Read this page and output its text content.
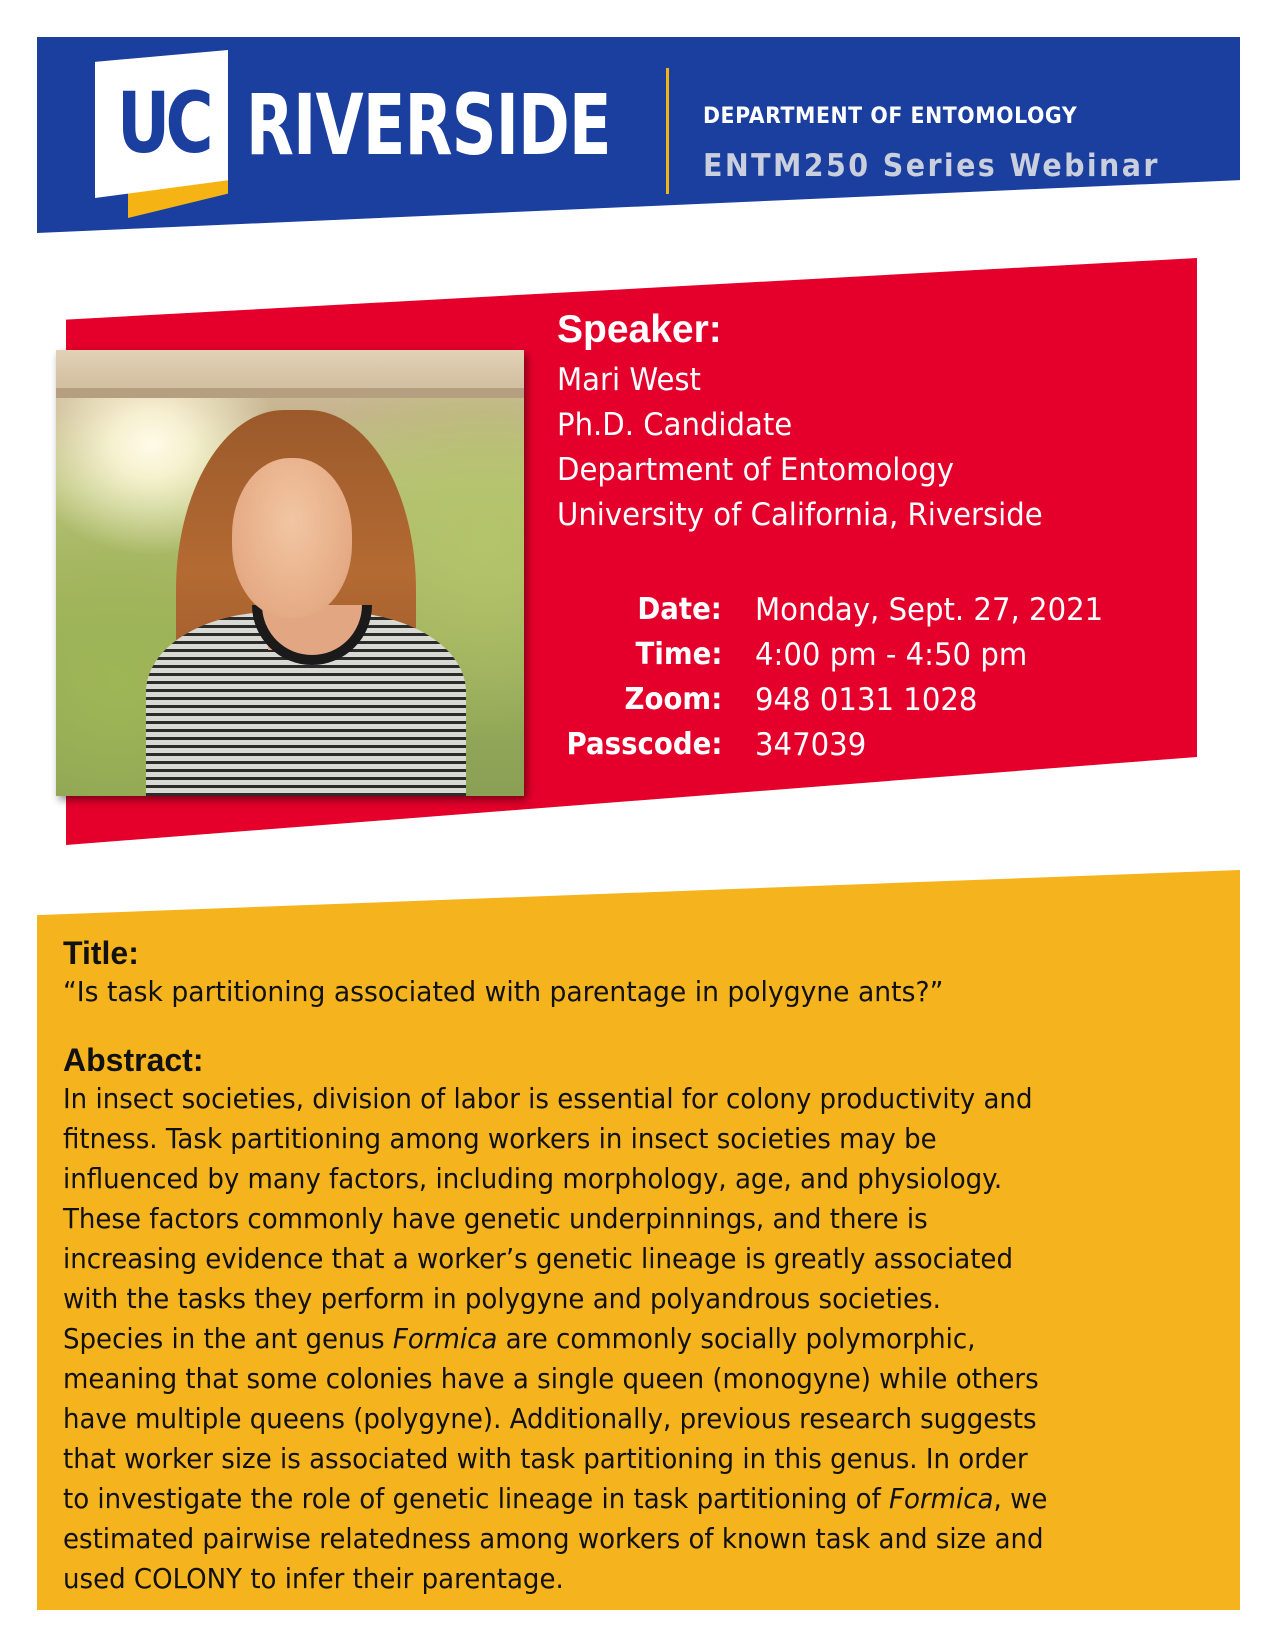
UC RIVERSIDE	DEPARTMENT OF ENTOMOLOGY
ENTM250 Series Webinar
Speaker:
Mari West
Ph.D. Candidate
Department of Entomology
University of California, Riverside
Date: Monday, Sept. 27, 2021
Time: 4:00 pm - 4:50 pm
Zoom: 948 0131 1028
Passcode: 347039
Title:
“Is task partitioning associated with parentage in polygyne ants?”
Abstract:
In insect societies, division of labor is essential for colony productivity and
fitness. Task partitioning among workers in insect societies may be
influenced by many factors, including morphology, age, and physiology.
These factors commonly have genetic underpinnings, and there is
increasing evidence that a worker’s genetic lineage is greatly associated
with the tasks they perform in polygyne and polyandrous societies.
Species in the ant genus Formica are commonly socially polymorphic,
meaning that some colonies have a single queen (monogyne) while others
have multiple queens (polygyne). Additionally, previous research suggests
that worker size is associated with task partitioning in this genus. In order
to investigate the role of genetic lineage in task partitioning of Formica, we
estimated pairwise relatedness among workers of known task and size and
used COLONY to infer their parentage.
